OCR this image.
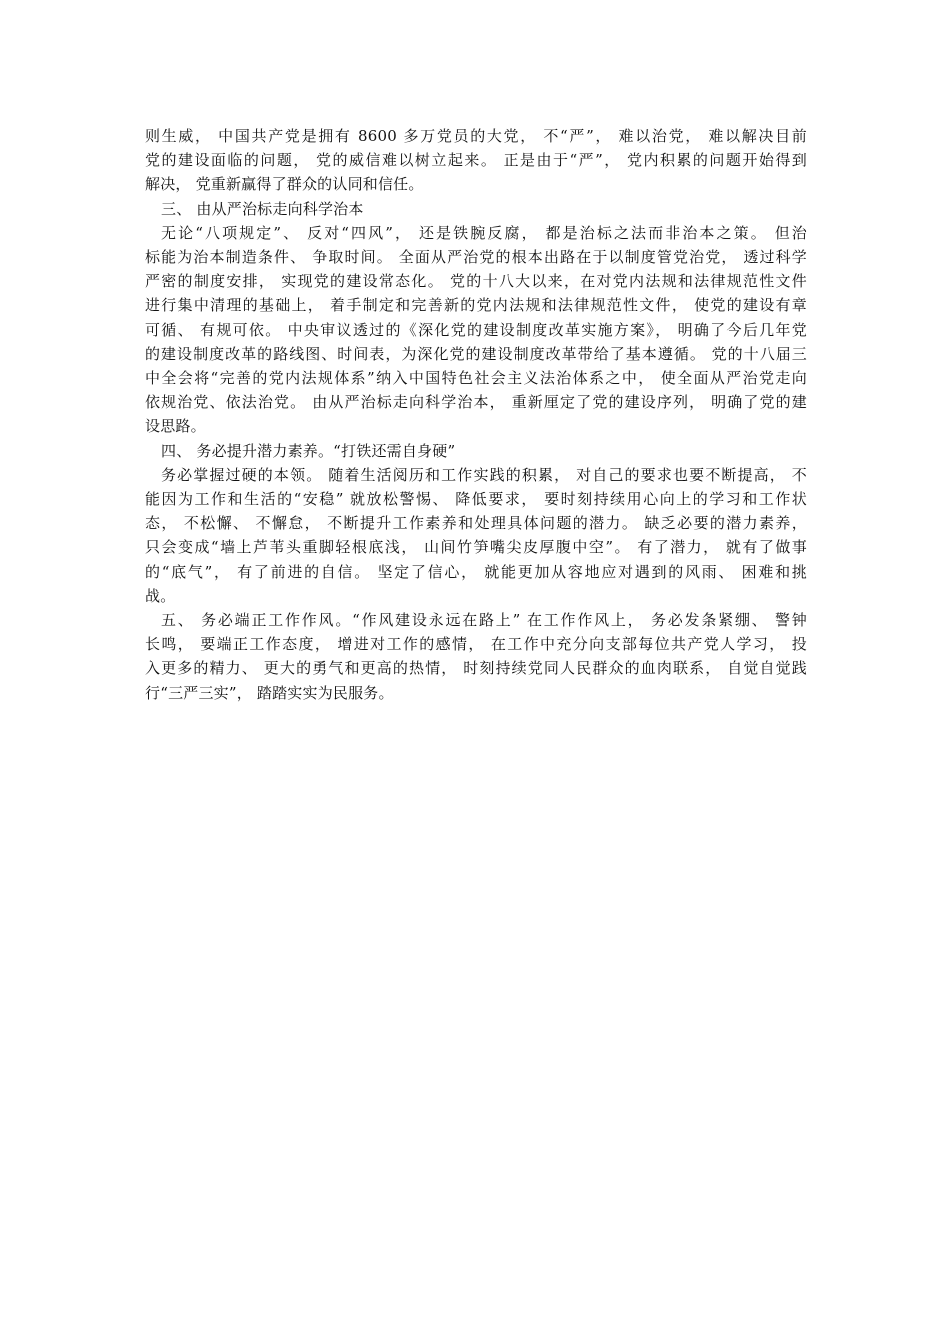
则生威， 中国共产党是拥有 8600 多万党员的大党， 不“严”， 难以治党， 难以解决目前
党的建设面临的问题， 党的威信难以树立起来。 正是由于“严”， 党内积累的问题开始得到
解决， 党重新赢得了群众的认同和信任。
三、 由从严治标走向科学治本
无论“八项规定”、 反对“四风”， 还是铁腕反腐， 都是治标之法而非治本之策。 但治
标能为治本制造条件、 争取时间。 全面从严治党的根本出路在于以制度管党治党， 透过科学
严密的制度安排， 实现党的建设常态化。 党的十八大以来，在对党内法规和法律规范性文件
进行集中清理的基础上， 着手制定和完善新的党内法规和法律规范性文件， 使党的建设有章
可循、 有规可依。 中央审议透过的《深化党的建设制度改革实施方案》， 明确了今后几年党
的建设制度改革的路线图、时间表，为深化党的建设制度改革带给了基本遵循。 党的十八届三
中全会将“完善的党内法规体系”纳入中国特色社会主义法治体系之中， 使全面从严治党走向
依规治党、依法治党。 由从严治标走向科学治本， 重新厘定了党的建设序列， 明确了党的建
设思路。
四、 务必提升潜力素养。“打铁还需自身硬”
务必掌握过硬的本领。 随着生活阅历和工作实践的积累， 对自己的要求也要不断提高， 不
能因为工作和生活的“安稳” 就放松警惕、 降低要求， 要时刻持续用心向上的学习和工作状
态， 不松懈、 不懈怠， 不断提升工作素养和处理具体问题的潜力。 缺乏必要的潜力素养，
只会变成“墙上芦苇头重脚轻根底浅， 山间竹笋嘴尖皮厚腹中空”。 有了潜力， 就有了做事
的“底气”， 有了前进的自信。 坚定了信心， 就能更加从容地应对遇到的风雨、 困难和挑
战。
五、 务必端正工作作风。“作风建设永远在路上” 在工作作风上， 务必发条紧绷、 警钟
长鸣， 要端正工作态度， 增进对工作的感情， 在工作中充分向支部每位共产党人学习， 投
入更多的精力、 更大的勇气和更高的热情， 时刻持续党同人民群众的血肉联系， 自觉自觉践
行“三严三实”， 踏踏实实为民服务。
